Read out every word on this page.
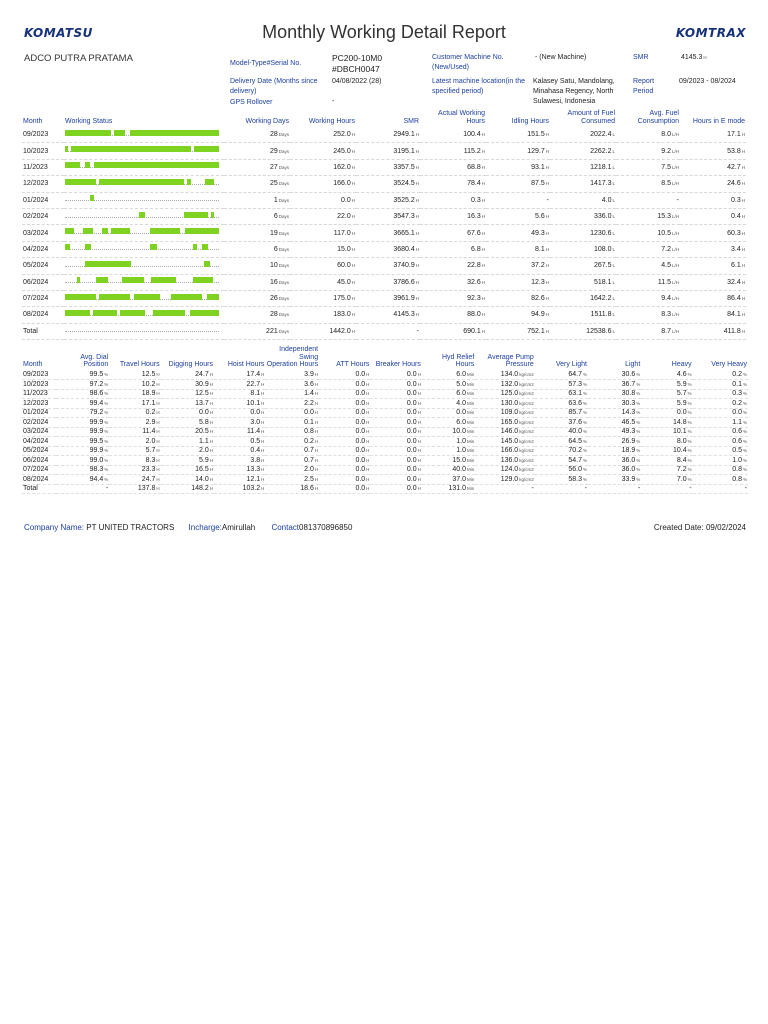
KOMATSU	Monthly Working Detail Report	KOMTRAX
ADCO PUTRA PRATAMA	Model-Type#Serial No.
PC200-10M0
#DBCH0047
Delivery Date (Months since delivery)
04/08/2022 (28)
GPS Rollover	-
Customer Machine No. (New/Used)
- (New Machine)
Latest machine location(in the specified period)
Kalasey Satu, Mandolang, Minahasa Regency, North Sulawesi, Indonesia
SMR	4145.3H
Report Period
09/2023 - 08/2024
Month	Working Status	Working Days	Working Hours	SMR	Actual Working Hours	Idling Hours	Amount of Fuel Consumed	Avg. Fuel Consumption	Hours in E mode
09/2023		28Days	252.0H	2949.1H	100.4H	151.5H	2022.4L	8.0L/H	17.1H
10/2023		29Days	245.0H	3195.1H	115.2H	129.7H	2262.2L	9.2L/H	53.8H
11/2023		27Days	162.0H	3357.5H	68.8H	93.1H	1218.1L	7.5L/H	42.7H
12/2023		25Days	166.0H	3524.5H	78.4H	87.5H	1417.3L	8.5L/H	24.6H
01/2024		1Days	0.0H	3525.2H	0.3H	-	4.0L	-	0.3H
02/2024		6Days	22.0H	3547.3H	16.3H	5.6H	336.0L	15.3L/H	0.4H
03/2024		19Days	117.0H	3665.1H	67.6H	49.3H	1230.6L	10.5L/H	60.3H
04/2024		6Days	15.0H	3680.4H	6.8H	8.1H	108.0L	7.2L/H	3.4H
05/2024		10Days	60.0H	3740.9H	22.8H	37.2H	267.5L	4.5L/H	6.1H
06/2024		16Days	45.0H	3786.6H	32.6H	12.3H	518.1L	11.5L/H	32.4H
07/2024		26Days	175.0H	3961.9H	92.3H	82.6H	1642.2L	9.4L/H	86.4H
08/2024		28Days	183.0H	4145.3H	88.0H	94.9H	1511.8L	8.3L/H	84.1H
Total		221Days	1442.0H	-	690.1H	752.1H	12538.6L	8.7L/H	411.8H
Month	Avg. Dial Position	Travel Hours	Digging Hours	Hoist Hours	Independent Swing Operation Hours	ATT Hours	Breaker Hours	Hyd Relief Hours	Average Pump Pressure	Very Light	Light	Heavy	Very Heavy
09/2023	99.5%	12.5H	24.7H	17.4H	3.9H	0.0H	0.0H	6.0Min	134.0kg/cm2	64.7%	30.6%	4.6%	0.2%
10/2023	97.2%	10.2H	30.9H	22.7H	3.6H	0.0H	0.0H	5.0Min	132.0kg/cm2	57.3%	36.7%	5.9%	0.1%
11/2023	98.6%	18.9H	12.5H	8.1H	1.4H	0.0H	0.0H	6.0Min	125.0kg/cm2	63.1%	30.8%	5.7%	0.3%
12/2023	99.4%	17.1H	13.7H	10.1H	2.2H	0.0H	0.0H	4.0Min	130.0kg/cm2	63.6%	30.3%	5.9%	0.2%
01/2024	79.2%	0.2H	0.0H	0.0H	0.0H	0.0H	0.0H	0.0Min	109.0kg/cm2	85.7%	14.3%	0.0%	0.0%
02/2024	99.9%	2.9H	5.8H	3.0H	0.1H	0.0H	0.0H	6.0Min	165.0kg/cm2	37.6%	46.5%	14.8%	1.1%
03/2024	99.9%	11.4H	20.5H	11.4H	0.8H	0.0H	0.0H	10.0Min	146.0kg/cm2	40.0%	49.3%	10.1%	0.6%
04/2024	99.5%	2.0H	1.1H	0.5H	0.2H	0.0H	0.0H	1.0Min	145.0kg/cm2	64.5%	26.9%	8.0%	0.6%
05/2024	99.9%	5.7H	2.0H	0.4H	0.7H	0.0H	0.0H	1.0Min	166.0kg/cm2	70.2%	18.9%	10.4%	0.5%
06/2024	99.0%	8.3H	5.9H	3.8H	0.7H	0.0H	0.0H	15.0Min	136.0kg/cm2	54.7%	36.0%	8.4%	1.0%
07/2024	98.3%	23.3H	16.5H	13.3H	2.0H	0.0H	0.0H	40.0Min	124.0kg/cm2	56.0%	36.0%	7.2%	0.8%
08/2024	94.4%	24.7H	14.0H	12.1H	2.5H	0.0H	0.0H	37.0Min	129.0kg/cm2	58.3%	33.9%	7.0%	0.8%
Total	-	137.8H	148.2H	103.2H	18.6H	0.0H	0.0H	131.0Min	-	-	-	-	-
Company Name: PT UNITED TRACTORS Incharge:Amirullah Contact081370896850	Created Date: 09/02/2024
